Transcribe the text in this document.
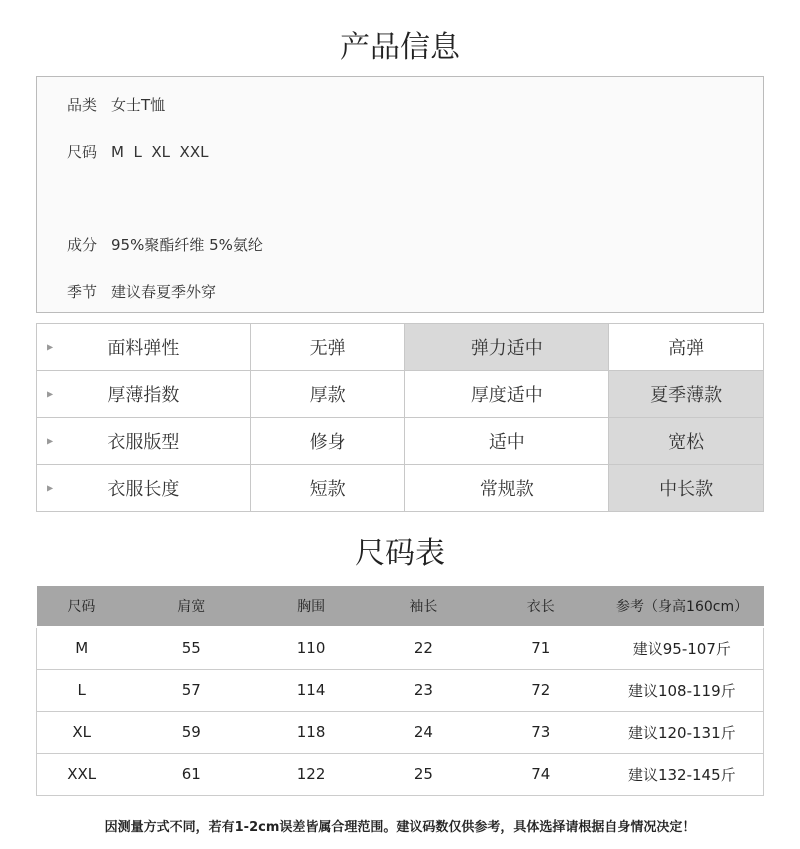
产品信息
品类 女士T恤
尺码 M  L  XL  XXL
成分 95%聚酯纤维 5%氨纶
季节 建议春夏季外穿
▶ 面料弹性	无弹	弹力适中	高弹

▶ 厚薄指数	厚款	厚度适中	夏季薄款

▶ 衣服版型	修身	适中	宽松

▶ 衣服长度	短款	常规款	中长款
尺码表
尺码	肩宽	胸围	袖长	衣长	参考（身高160cm）
M	55	110	22	71	建议95-107斤
L	57	114	23	72	建议108-119斤
XL	59	118	24	73	建议120-131斤
XXL	61	122	25	74	建议132-145斤
因测量方式不同，若有1-2cm误差皆属合理范围。建议码数仅供参考，具体选择请根据自身情况决定！
